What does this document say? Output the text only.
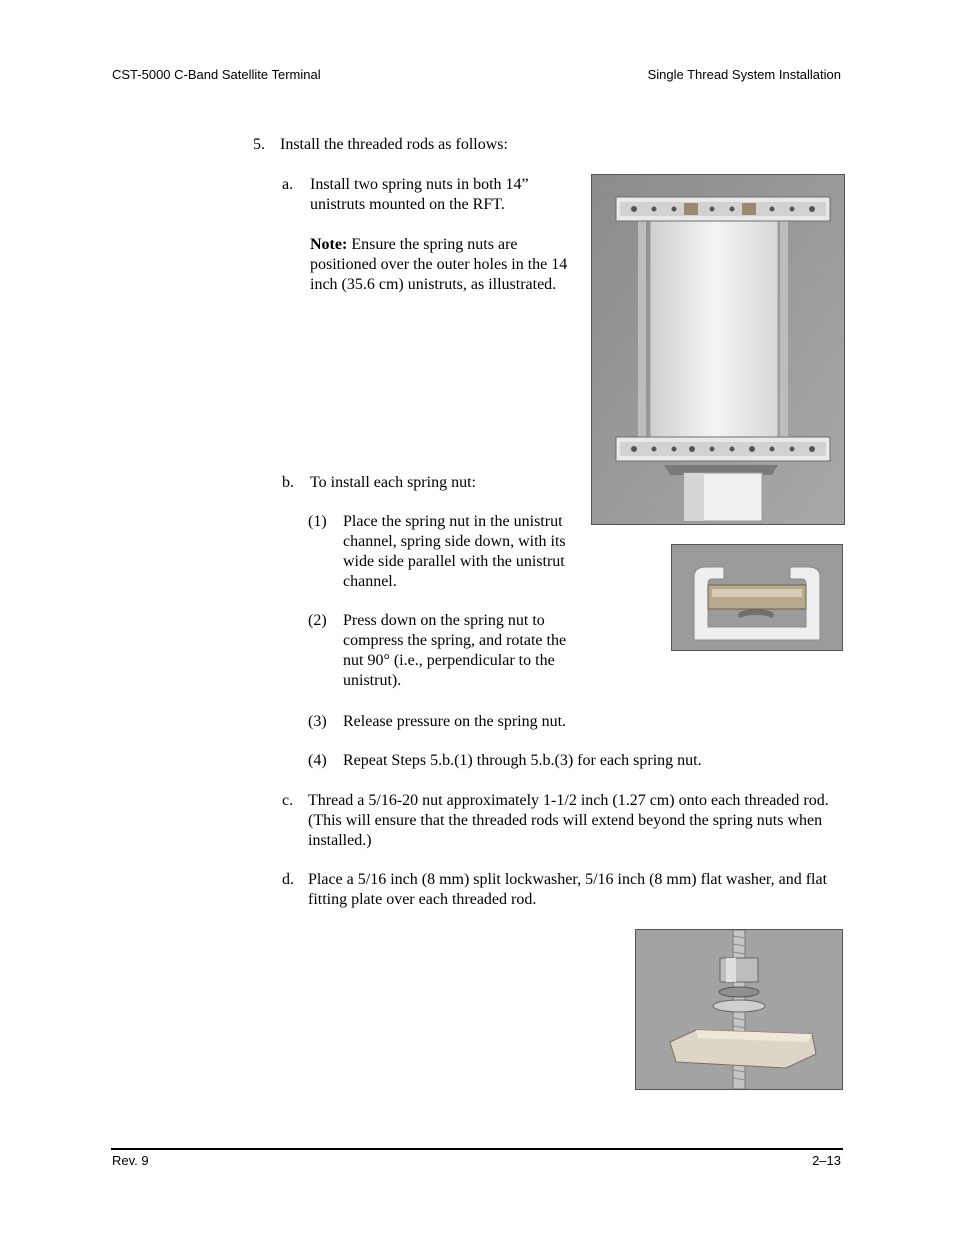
CST-5000 C-Band Satellite Terminal	Single Thread System Installation
5. Install the threaded rods as follows:
a. Install two spring nuts in both 14” unistruts mounted on the RFT.
Note: Ensure the spring nuts are positioned over the outer holes in the 14 inch (35.6 cm) unistruts, as illustrated.
b. To install each spring nut:
(1) Place the spring nut in the unistrut channel, spring side down, with its wide side parallel with the unistrut channel.
(2) Press down on the spring nut to compress the spring, and rotate the nut 90° (i.e., perpendicular to the unistrut).
(3) Release pressure on the spring nut.
(4) Repeat Steps 5.b.(1) through 5.b.(3) for each spring nut.
c. Thread a 5/16-20 nut approximately 1-1/2 inch (1.27 cm) onto each threaded rod. (This will ensure that the threaded rods will extend beyond the spring nuts when installed.)
d. Place a 5/16 inch (8 mm) split lockwasher, 5/16 inch (8 mm) flat washer, and flat fitting plate over each threaded rod.
Rev. 9	2–13
